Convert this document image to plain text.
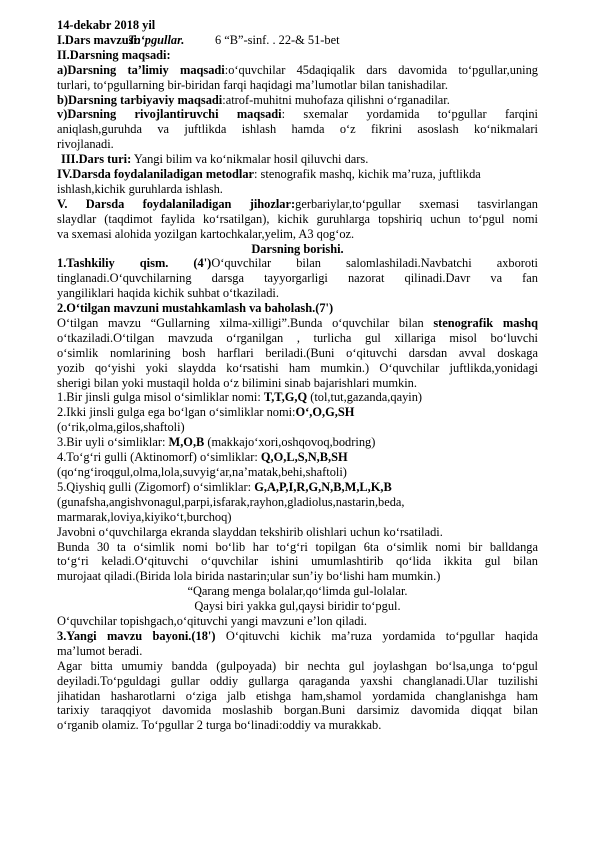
14-dekabr 2018 yil
I.Dars mavzusi:To‘pgullar. 6 “B”-sinf. . 22-& 51-bet
II.Darsning maqsadi:
a)Darsning ta’limiy maqsadi:o‘quvchilar 45daqiqalik dars davomida to‘pgullar,uning
turlari, to‘pgullarning bir-biridan farqi haqidagi ma’lumotlar bilan tanishadilar.
b)Darsning tarbiyaviy maqsadi:atrof-muhitni muhofaza qilishni o‘rganadilar.
v)Darsning rivojlantiruvchi maqsadi: sxemalar yordamida to‘pgullar farqini
aniqlash,guruhda va juftlikda ishlash hamda o‘z fikrini asoslash ko‘nikmalari
rivojlanadi.
III.Dars turi: Yangi bilim va ko‘nikmalar hosil qiluvchi dars.
IV.Darsda foydalaniladigan metodlar: stenografik mashq, kichik ma’ruza, juftlikda
ishlash,kichik guruhlarda ishlash.
V. Darsda foydalaniladigan jihozlar:gerbariylar,to‘pgullar sxemasi tasvirlangan
slaydlar (taqdimot faylida ko‘rsatilgan), kichik guruhlarga topshiriq uchun to‘pgul nomi
va sxemasi alohida yozilgan kartochkalar,yelim, A3 qog‘oz.
Darsning borishi.
1.Tashkiliy qism. (4')O‘quvchilar bilan salomlashiladi.Navbatchi axboroti
tinglanadi.O‘quvchilarning darsga tayyorgarligi nazorat qilinadi.Davr va fan
yangiliklari haqida kichik suhbat o‘tkaziladi.
2.O‘tilgan mavzuni mustahkamlash va baholash.(7')
O‘tilgan mavzu “Gullarning xilma-xilligi”.Bunda o‘quvchilar bilan stenografik mashq
o‘tkaziladi.O‘tilgan mavzuda o‘rganilgan , turlicha gul xillariga misol bo‘luvchi
o‘simlik nomlarining bosh harflari beriladi.(Buni o‘qituvchi darsdan avval doskaga
yozib qo‘yishi yoki slaydda ko‘rsatishi ham mumkin.) O‘quvchilar juftlikda,yonidagi
sherigi bilan yoki mustaqil holda o‘z bilimini sinab bajarishlari mumkin.
1.Bir jinsli gulga misol o‘simliklar nomi: T,T,G,Q (tol,tut,gazanda,qayin)
2.Ikki jinsli gulga ega bo‘lgan o‘simliklar nomi:O‘,O,G,SH
(o‘rik,olma,gilos,shaftoli)
3.Bir uyli o‘simliklar: M,O,B (makkajo‘xori,oshqovoq,bodring)
4.To‘g‘ri gulli (Aktinomorf) o‘simliklar: Q,O,L,S,N,B,SH
(qo‘ng‘iroqgul,olma,lola,suvyig‘ar,na’matak,behi,shaftoli)
5.Qiyshiq gulli (Zigomorf) o‘simliklar: G,A,P,I,R,G,N,B,M,L,K,B
(gunafsha,angishvonagul,parpi,isfarak,rayhon,gladiolus,nastarin,beda,
marmarak,loviya,kiyiko‘t,burchoq)
Javobni o‘quvchilarga ekranda slayddan tekshirib olishlari uchun ko‘rsatiladi.
Bunda 30 ta o‘simlik nomi bo‘lib har to‘g‘ri topilgan 6ta o‘simlik nomi bir balldanga
to‘g‘ri keladi.O‘qituvchi o‘quvchilar ishini umumlashtirib qo‘lida ikkita gul bilan
murojaat qiladi.(Birida lola birida nastarin;ular sun’iy bo‘lishi ham mumkin.)
“Qarang menga bolalar,qo‘limda gul-lolalar.
Qaysi biri yakka gul,qaysi biridir to‘pgul.
O‘quvchilar topishgach,o‘qituvchi yangi mavzuni e’lon qiladi.
3.Yangi mavzu bayoni.(18') O‘qituvchi kichik ma’ruza yordamida to‘pgullar haqida
ma’lumot beradi.
Agar bitta umumiy bandda (gulpoyada) bir nechta gul joylashgan bo‘lsa,unga to‘pgul
deyiladi.To‘pguldagi gullar oddiy gullarga qaraganda yaxshi changlanadi.Ular tuzilishi
jihatidan hasharotlarni o‘ziga jalb etishga ham,shamol yordamida changlanishga ham
tarixiy taraqqiyot davomida moslashib borgan.Buni darsimiz davomida diqqat bilan
o‘rganib olamiz. To‘pgullar 2 turga bo‘linadi:oddiy va murakkab.
